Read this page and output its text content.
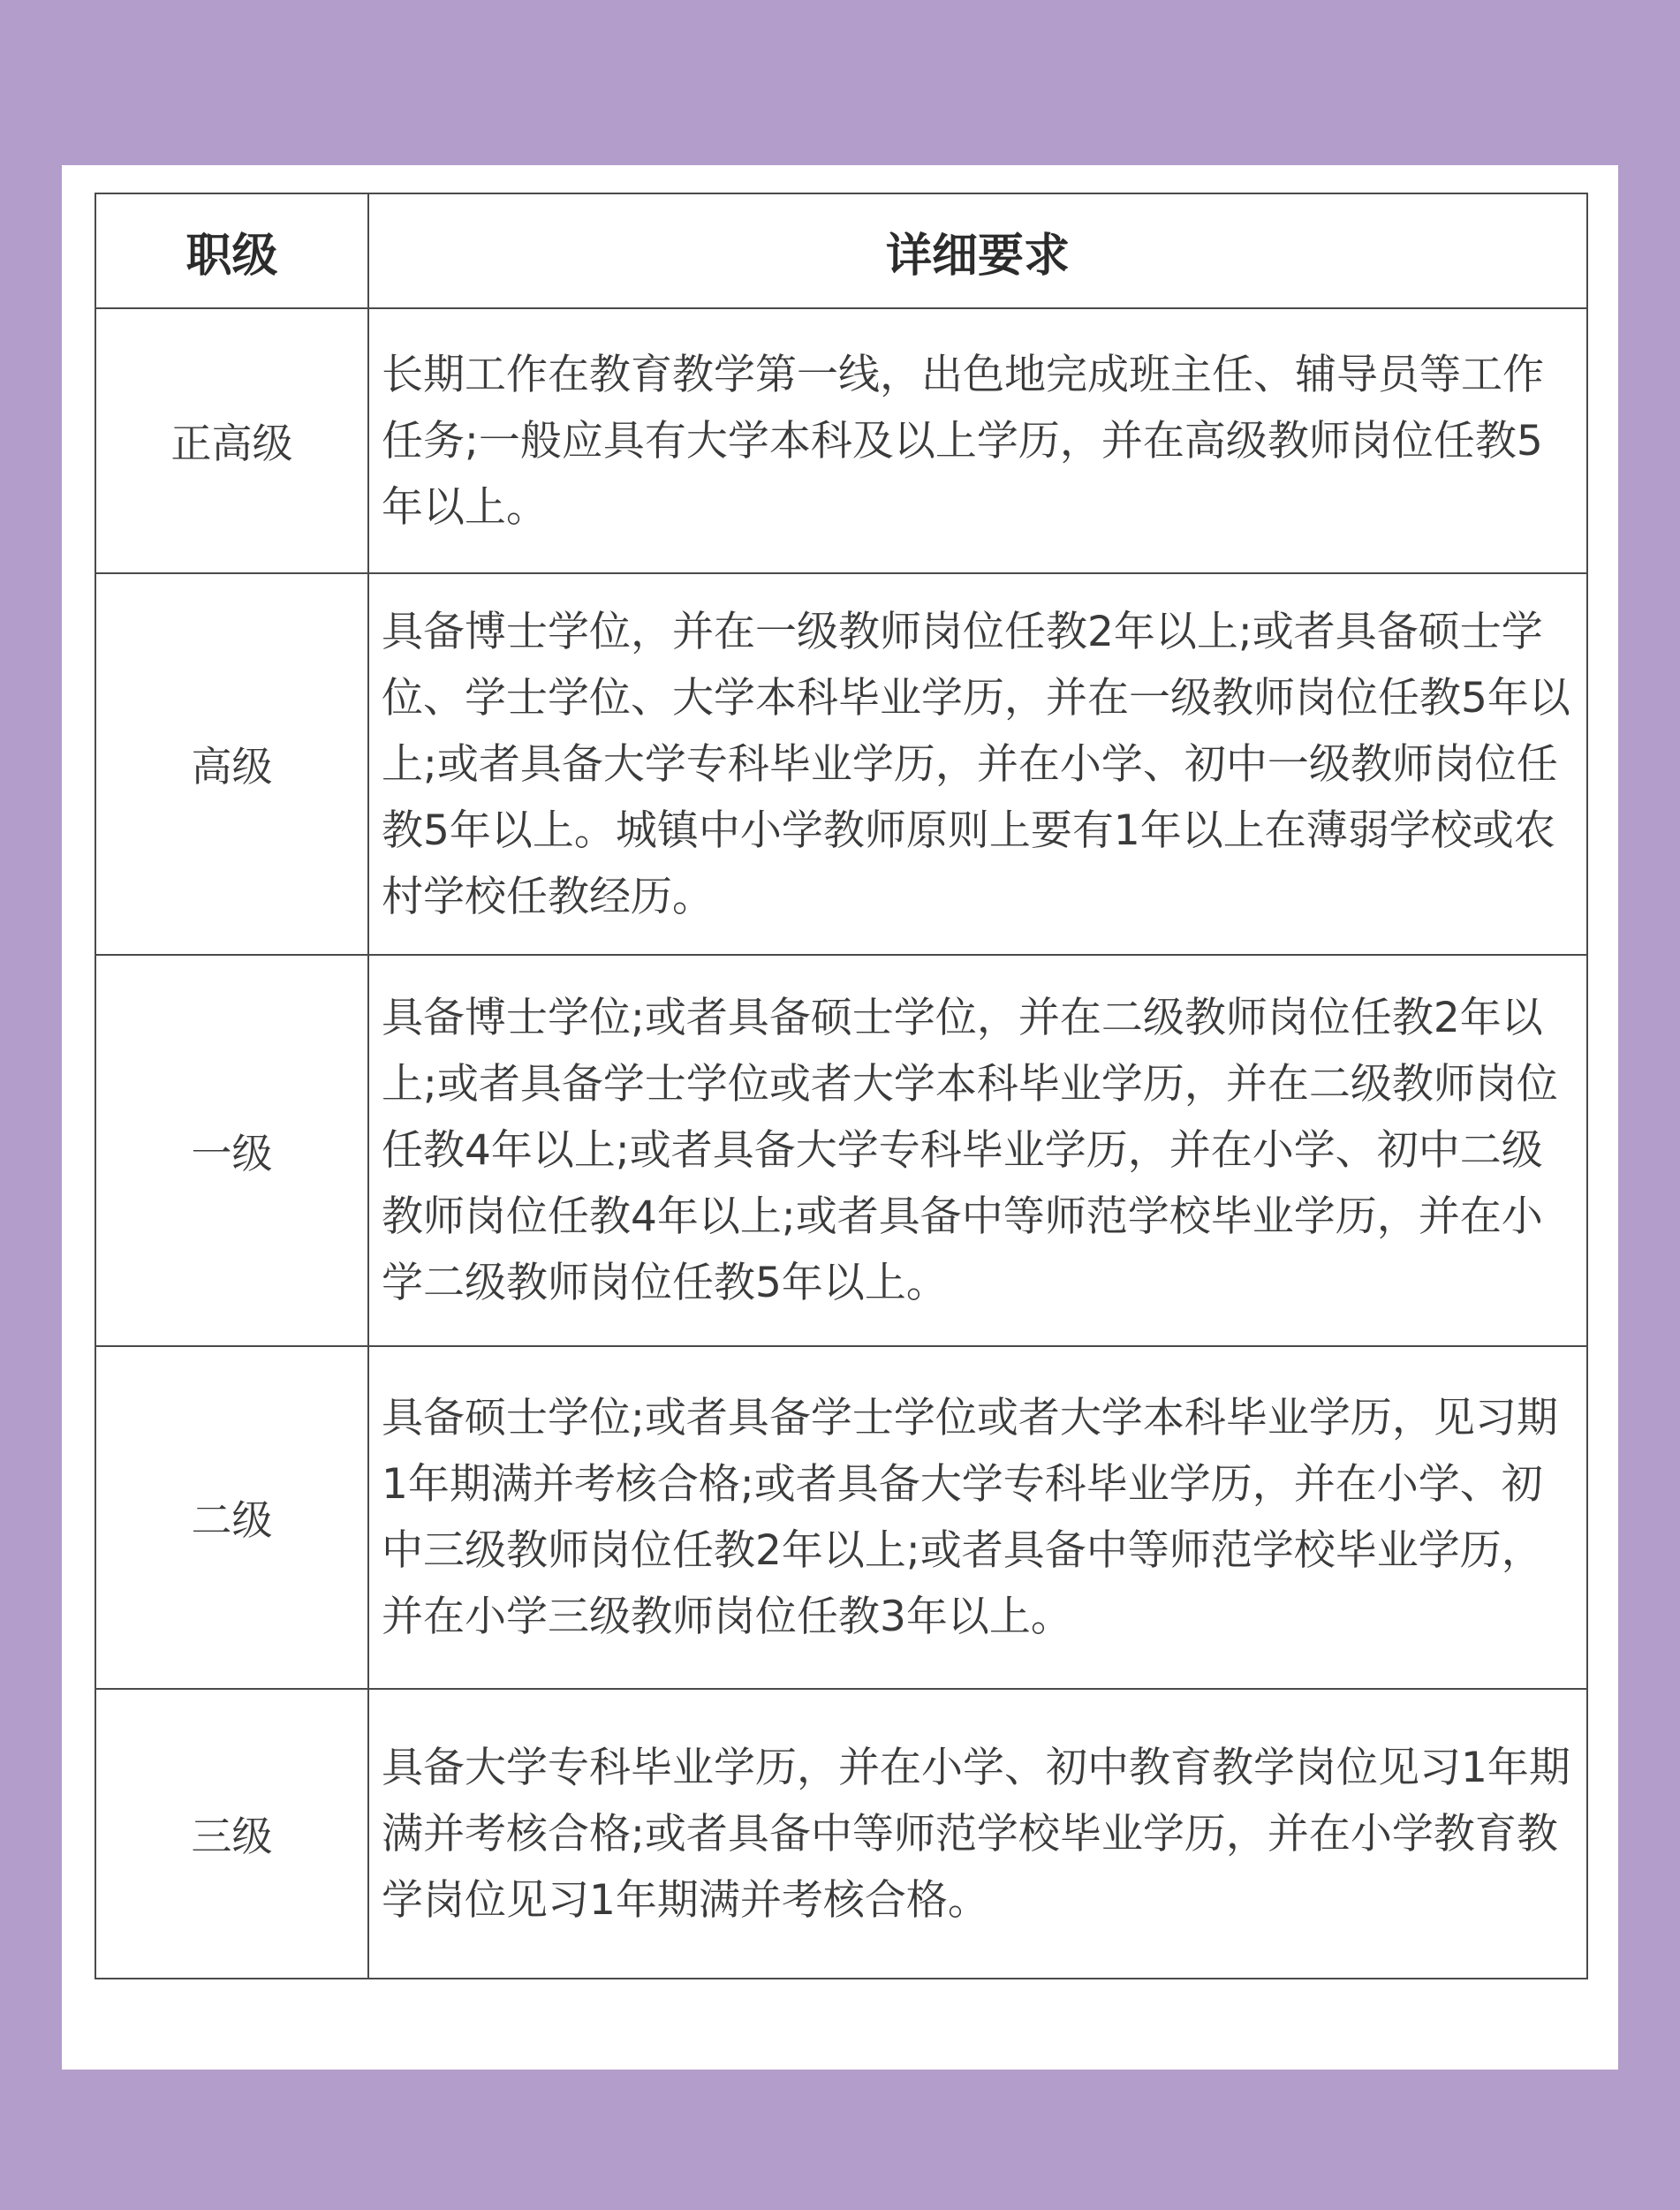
职级	详细要求
正高级	长期工作在教育教学第一线，出色地完成班主任、辅导员等工作任务;一般应具有大学本科及以上学历，并在高级教师岗位任教5年以上。
高级	具备博士学位，并在一级教师岗位任教2年以上;或者具备硕士学位、学士学位、大学本科毕业学历，并在一级教师岗位任教5年以上;或者具备大学专科毕业学历，并在小学、初中一级教师岗位任教5年以上。城镇中小学教师原则上要有1年以上在薄弱学校或农村学校任教经历。
一级	具备博士学位;或者具备硕士学位，并在二级教师岗位任教2年以上;或者具备学士学位或者大学本科毕业学历，并在二级教师岗位任教4年以上;或者具备大学专科毕业学历，并在小学、初中二级教师岗位任教4年以上;或者具备中等师范学校毕业学历，并在小学二级教师岗位任教5年以上。
二级	具备硕士学位;或者具备学士学位或者大学本科毕业学历，见习期1年期满并考核合格;或者具备大学专科毕业学历，并在小学、初中三级教师岗位任教2年以上;或者具备中等师范学校毕业学历，并在小学三级教师岗位任教3年以上。
三级	具备大学专科毕业学历，并在小学、初中教育教学岗位见习1年期满并考核合格;或者具备中等师范学校毕业学历，并在小学教育教学岗位见习1年期满并考核合格。
